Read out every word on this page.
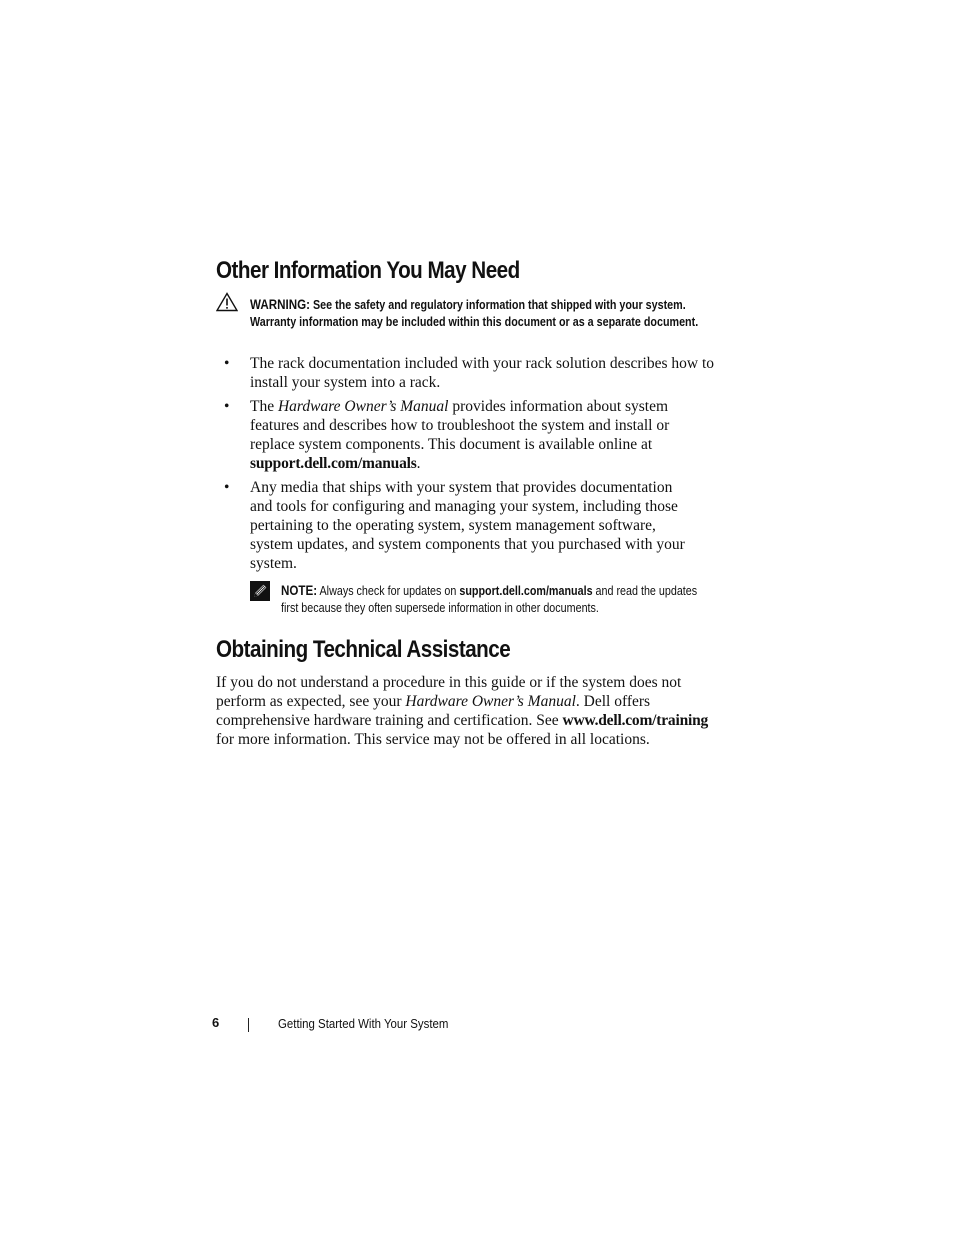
Other Information You May Need
WARNING: See the safety and regulatory information that shipped with your system. Warranty information may be included within this document or as a separate document.
• The rack documentation included with your rack solution describes how to install your system into a rack.
• The Hardware Owner’s Manual provides information about system features and describes how to troubleshoot the system and install or replace system components. This document is available online at support.dell.com/manuals.
• Any media that ships with your system that provides documentation and tools for configuring and managing your system, including those pertaining to the operating system, system management software, system updates, and system components that you purchased with your system.
NOTE: Always check for updates on support.dell.com/manuals and read the updates first because they often supersede information in other documents.
Obtaining Technical Assistance

If you do not understand a procedure in this guide or if the system does not perform as expected, see your Hardware Owner’s Manual. Dell offers comprehensive hardware training and certification. See www.dell.com/training for more information. This service may not be offered in all locations.

6	Getting Started With Your System
